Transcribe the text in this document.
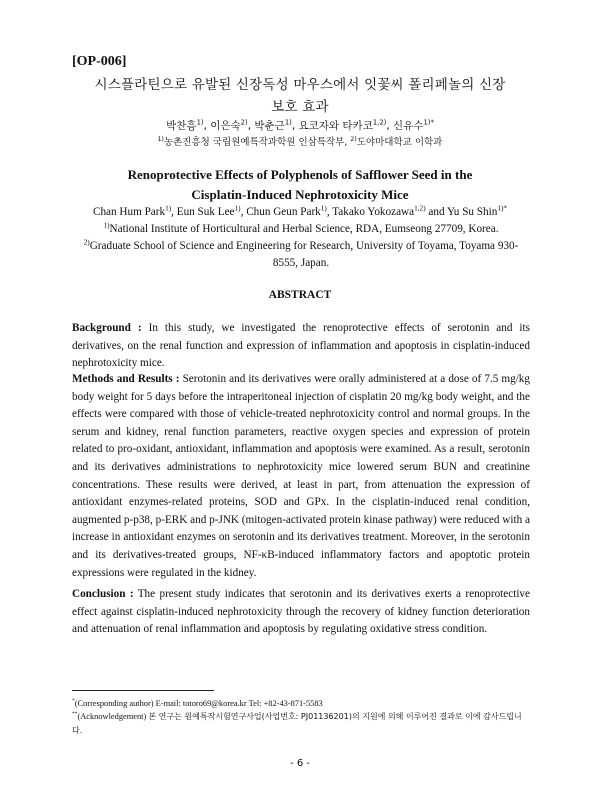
[OP-006]
시스플라틴으로 유발된 신장독성 마우스에서 잇꽃씨 폴리페놀의 신장
보호 효과
박찬흠$^{1)}$, 이은숙$^{2)}$, 박춘근$^{1)}$, 요코자와 타카코$^{1,2)}$, 신유수$^{1)*}$
$^{1)}$농촌진흥청 국립원예특작과학원 인삼특작부, $^{2)}$도야마대학교 이학과
Renoprotective Effects of Polyphenols of Safflower Seed in the
Cisplatin-Induced Nephrotoxicity Mice
Chan Hum Park$^{1)}$, Eun Suk Lee$^{1)}$, Chun Geun Park$^{1)}$, Takako Yokozawa$^{1,2)}$ and Yu Su Shin$^{1)*}$
$^{1)}$National Institute of Horticultural and Herbal Science, RDA, Eumseong 27709, Korea.
$^{2)}$Graduate School of Science and Engineering for Research, University of Toyama, Toyama 930-8555, Japan.
ABSTRACT
Background : In this study, we investigated the renoprotective effects of serotonin and its derivatives, on the renal function and expression of inflammation and apoptosis in cisplatin-induced nephrotoxicity mice.
Methods and Results : Serotonin and its derivatives were orally administered at a dose of 7.5 mg/kg body weight for 5 days before the intraperitoneal injection of cisplatin 20 mg/kg body weight, and the effects were compared with those of vehicle-treated nephrotoxicity control and normal groups. In the serum and kidney, renal function parameters, reactive oxygen species and expression of protein related to pro-oxidant, antioxidant, inflammation and apoptosis were examined. As a result, serotonin and its derivatives administrations to nephrotoxicity mice lowered serum BUN and creatinine concentrations. These results were derived, at least in part, from attenuation the expression of antioxidant enzymes-related proteins, SOD and GPx. In the cisplatin-induced renal condition, augmented p-p38, p-ERK and p-JNK (mitogen-activated protein kinase pathway) were reduced with a increase in antioxidant enzymes on serotonin and its derivatives treatment. Moreover, in the serotonin and its derivatives-treated groups, NF-κB-induced inflammatory factors and apoptotic protein expressions were regulated in the kidney.
Conclusion : The present study indicates that serotonin and its derivatives exerts a renoprotective effect against cisplatin-induced nephrotoxicity through the recovery of kidney function deterioration and attenuation of renal inflammation and apoptosis by regulating oxidative stress condition.
*(Corresponding author) E-mail: totoro69@korea.kr Tel: +82-43-871-5583
**(Acknowledgement) 본 연구는 원예특작시험연구사업(사업번호: PJ01136201)의 지원에 의해 이루어진 결과로 이에 감사드립니다.
- 6 -
